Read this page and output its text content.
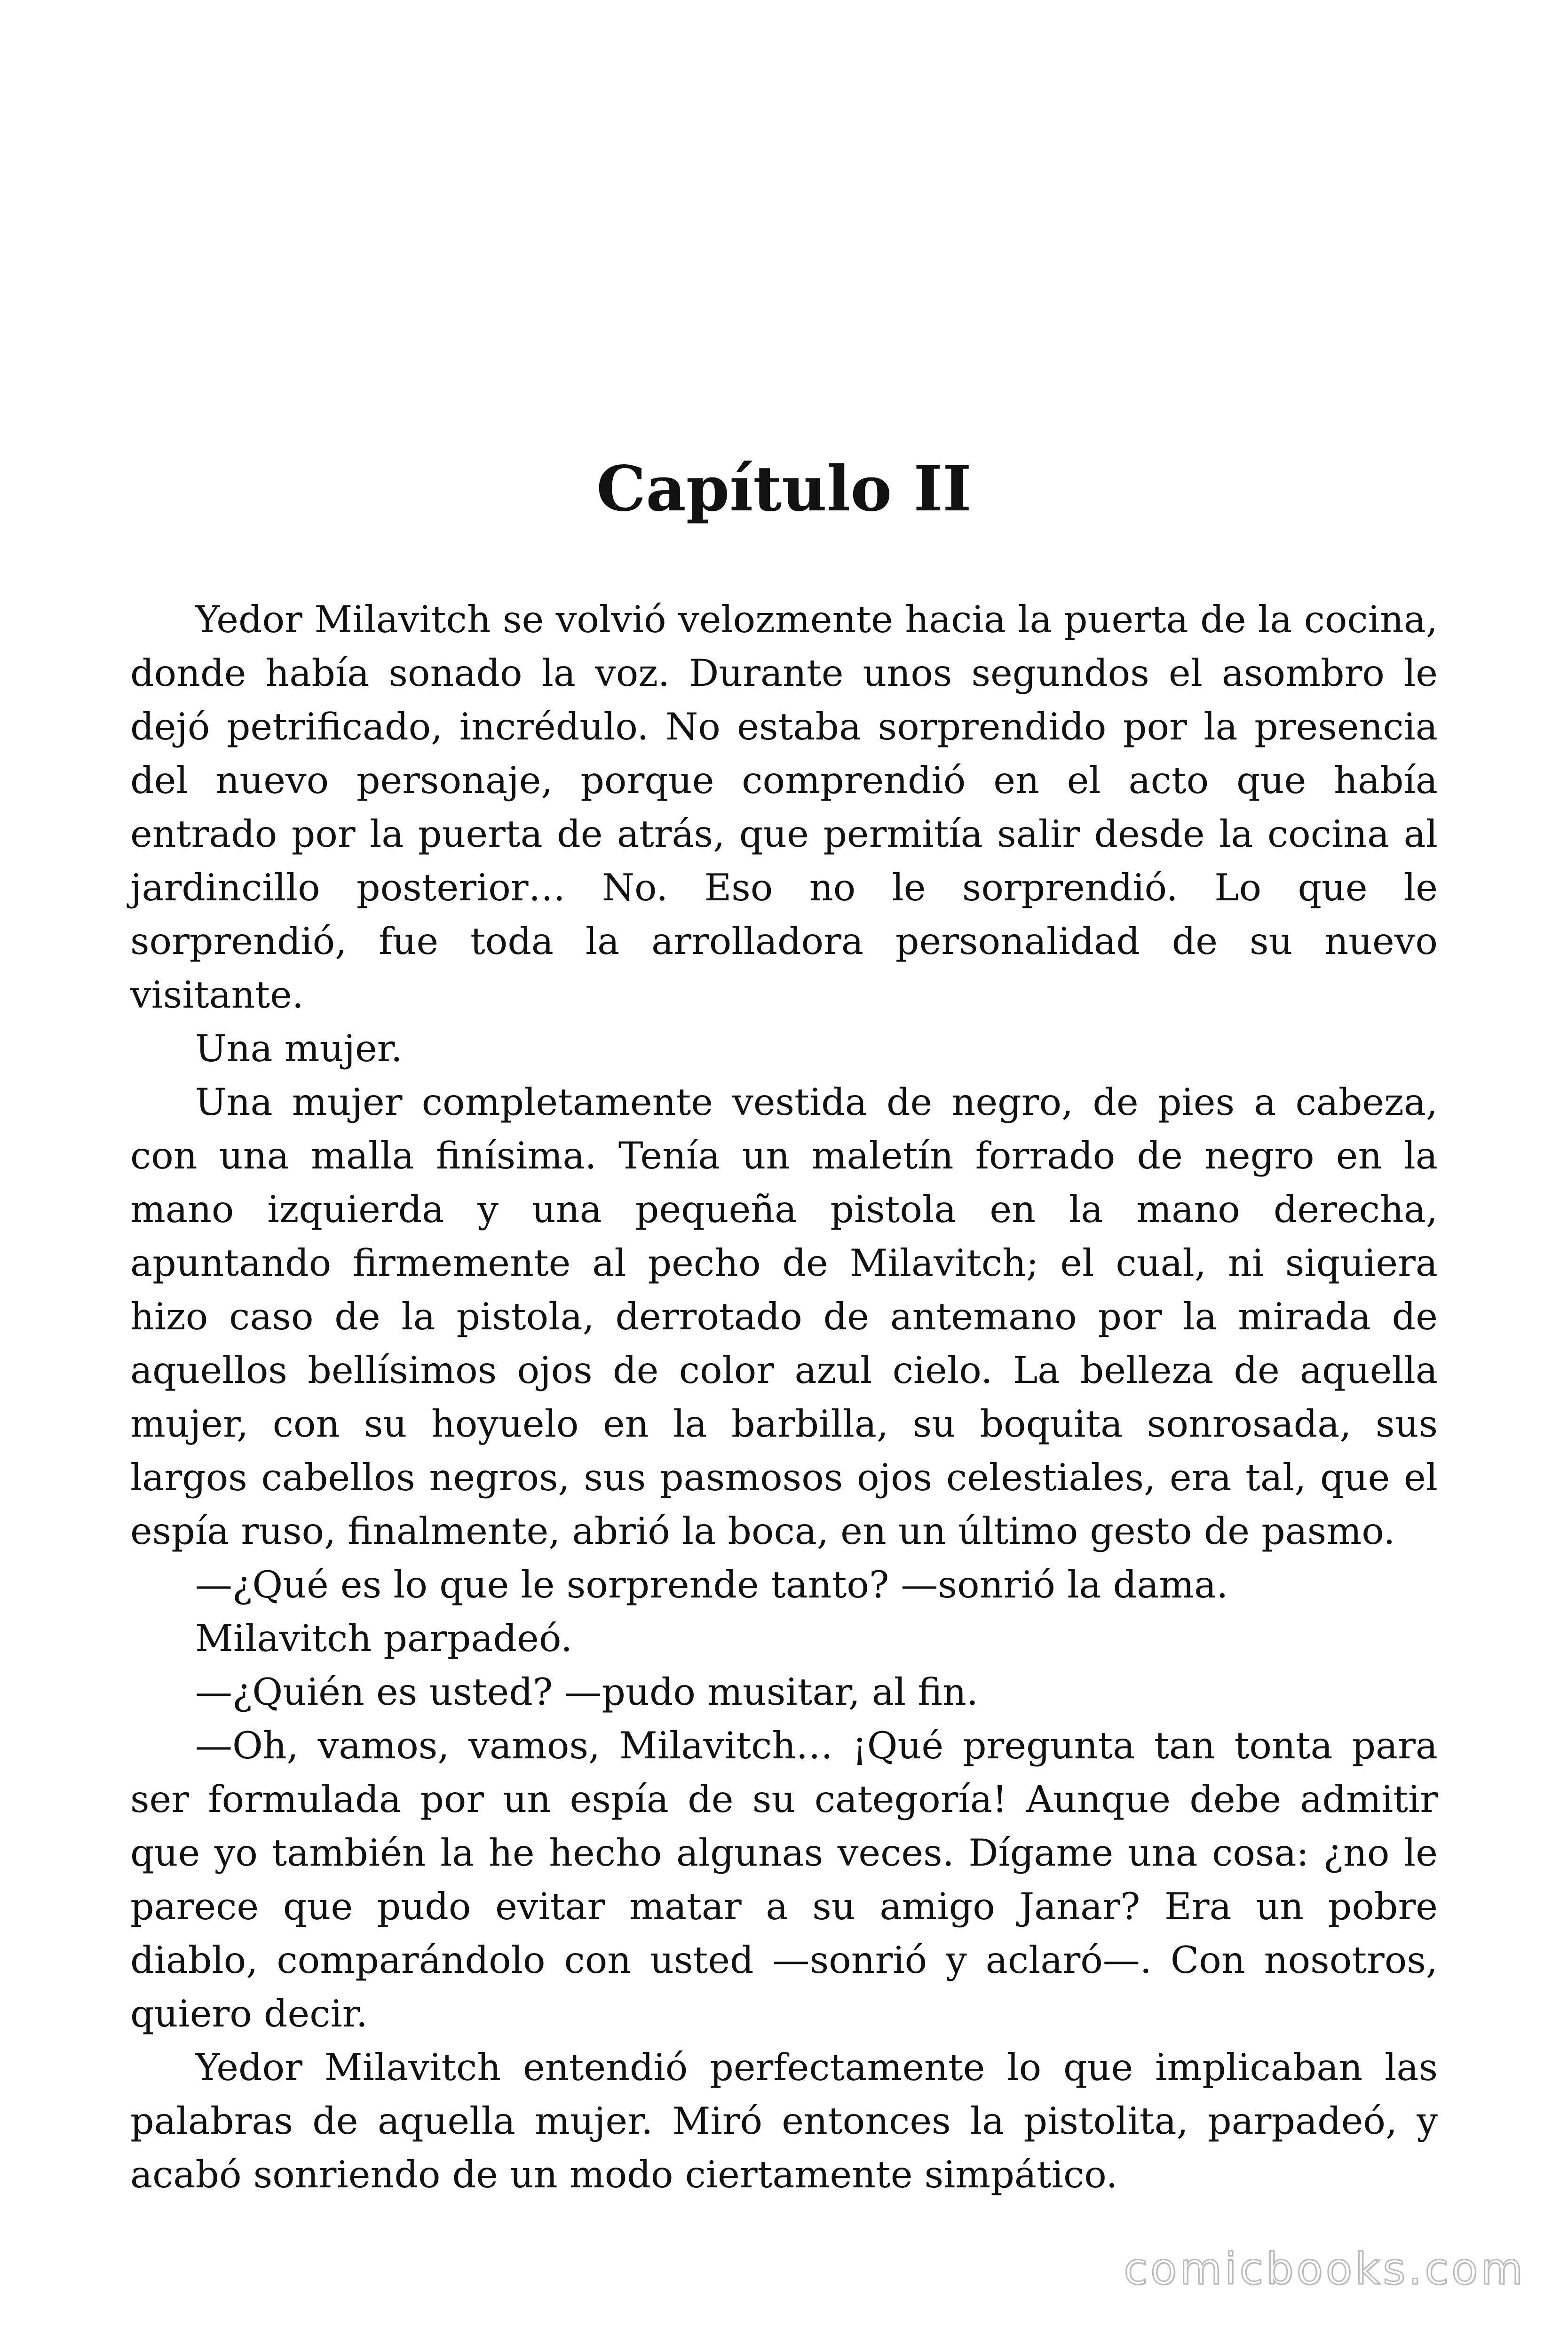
Capítulo II

Yedor Milavitch se volvió velozmente hacia la puerta de la cocina, donde había sonado la voz. Durante unos segundos el asombro le dejó petrificado, incrédulo. No estaba sorprendido por la presencia del nuevo personaje, porque comprendió en el acto que había entrado por la puerta de atrás, que permitía salir desde la cocina al jardincillo posterior… No. Eso no le sorprendió. Lo que le sorprendió, fue toda la arrolladora personalidad de su nuevo visitante.

Una mujer.

Una mujer completamente vestida de negro, de pies a cabeza, con una malla finísima. Tenía un maletín forrado de negro en la mano izquierda y una pequeña pistola en la mano derecha, apuntando firmemente al pecho de Milavitch; el cual, ni siquiera hizo caso de la pistola, derrotado de antemano por la mirada de aquellos bellísimos ojos de color azul cielo. La belleza de aquella mujer, con su hoyuelo en la barbilla, su boquita sonrosada, sus largos cabellos negros, sus pasmosos ojos celestiales, era tal, que el espía ruso, finalmente, abrió la boca, en un último gesto de pasmo.

—¿Qué es lo que le sorprende tanto? —sonrió la dama.

Milavitch parpadeó.

—¿Quién es usted? —pudo musitar, al fin.

—Oh, vamos, vamos, Milavitch… ¡Qué pregunta tan tonta para ser formulada por un espía de su categoría! Aunque debe admitir que yo también la he hecho algunas veces. Dígame una cosa: ¿no le parece que pudo evitar matar a su amigo Janar? Era un pobre diablo, comparándolo con usted —sonrió y aclaró—. Con nosotros, quiero decir.

Yedor Milavitch entendió perfectamente lo que implicaban las palabras de aquella mujer. Miró entonces la pistolita, parpadeó, y acabó sonriendo de un modo ciertamente simpático.

comicbooks.com
